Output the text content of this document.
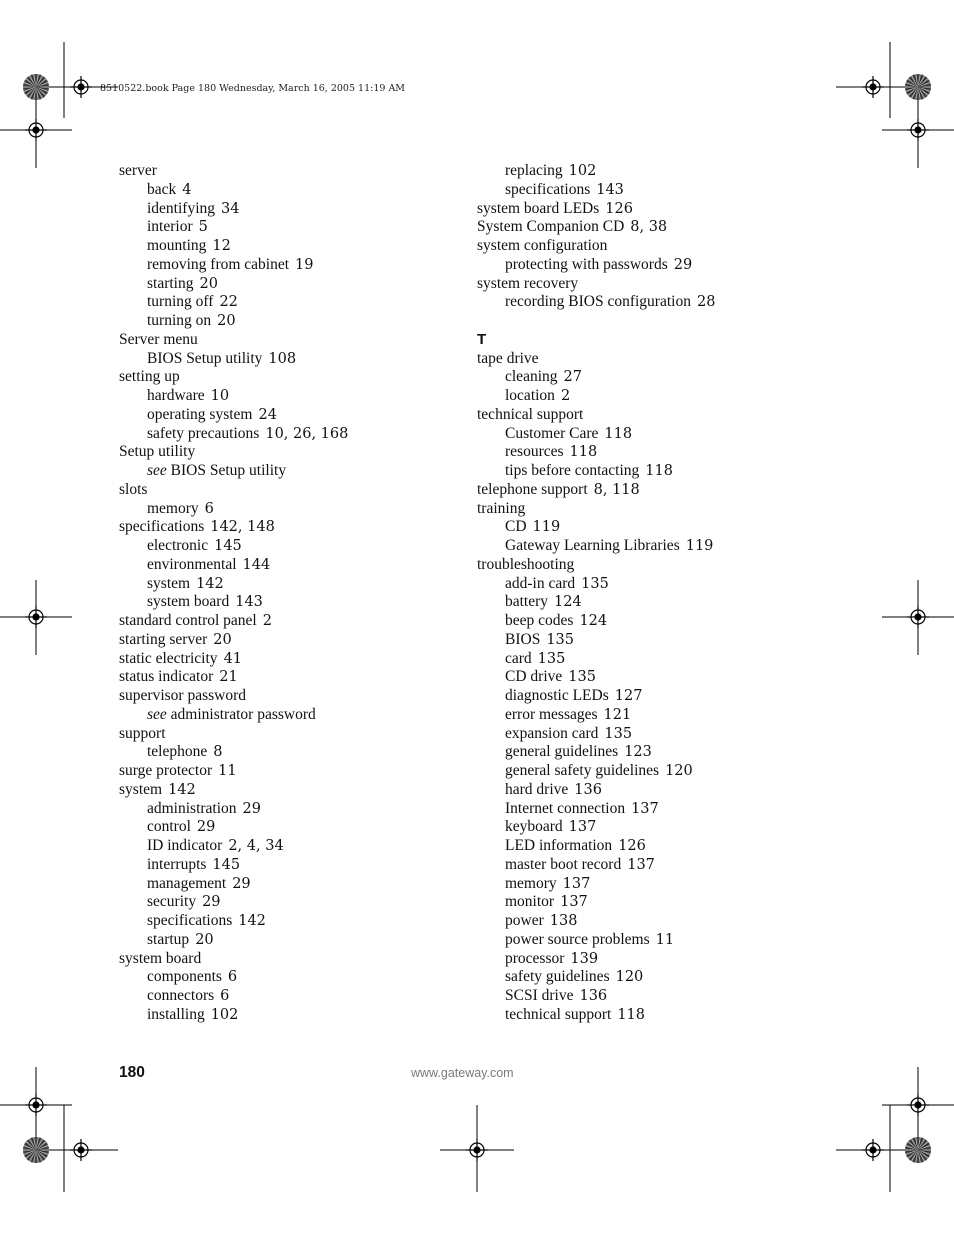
8510522.book Page 180 Wednesday, March 16, 2005 11:19 AM
server
back 4
identifying 34
interior 5
mounting 12
removing from cabinet 19
starting 20
turning off 22
turning on 20
Server menu
BIOS Setup utility 108
setting up
hardware 10
operating system 24
safety precautions 10, 26, 168
Setup utility
see BIOS Setup utility
slots
memory 6
specifications 142, 148
electronic 145
environmental 144
system 142
system board 143
standard control panel 2
starting server 20
static electricity 41
status indicator 21
supervisor password
see administrator password
support
telephone 8
surge protector 11
system 142
administration 29
control 29
ID indicator 2, 4, 34
interrupts 145
management 29
security 29
specifications 142
startup 20
system board
components 6
connectors 6
installing 102
replacing 102
specifications 143
system board LEDs 126
System Companion CD 8, 38
system configuration
protecting with passwords 29
system recovery
recording BIOS configuration 28
T
tape drive
cleaning 27
location 2
technical support
Customer Care 118
resources 118
tips before contacting 118
telephone support 8, 118
training
CD 119
Gateway Learning Libraries 119
troubleshooting
add-in card 135
battery 124
beep codes 124
BIOS 135
card 135
CD drive 135
diagnostic LEDs 127
error messages 121
expansion card 135
general guidelines 123
general safety guidelines 120
hard drive 136
Internet connection 137
keyboard 137
LED information 126
master boot record 137
memory 137
monitor 137
power 138
power source problems 11
processor 139
safety guidelines 120
SCSI drive 136
technical support 118
180	www.gateway.com
